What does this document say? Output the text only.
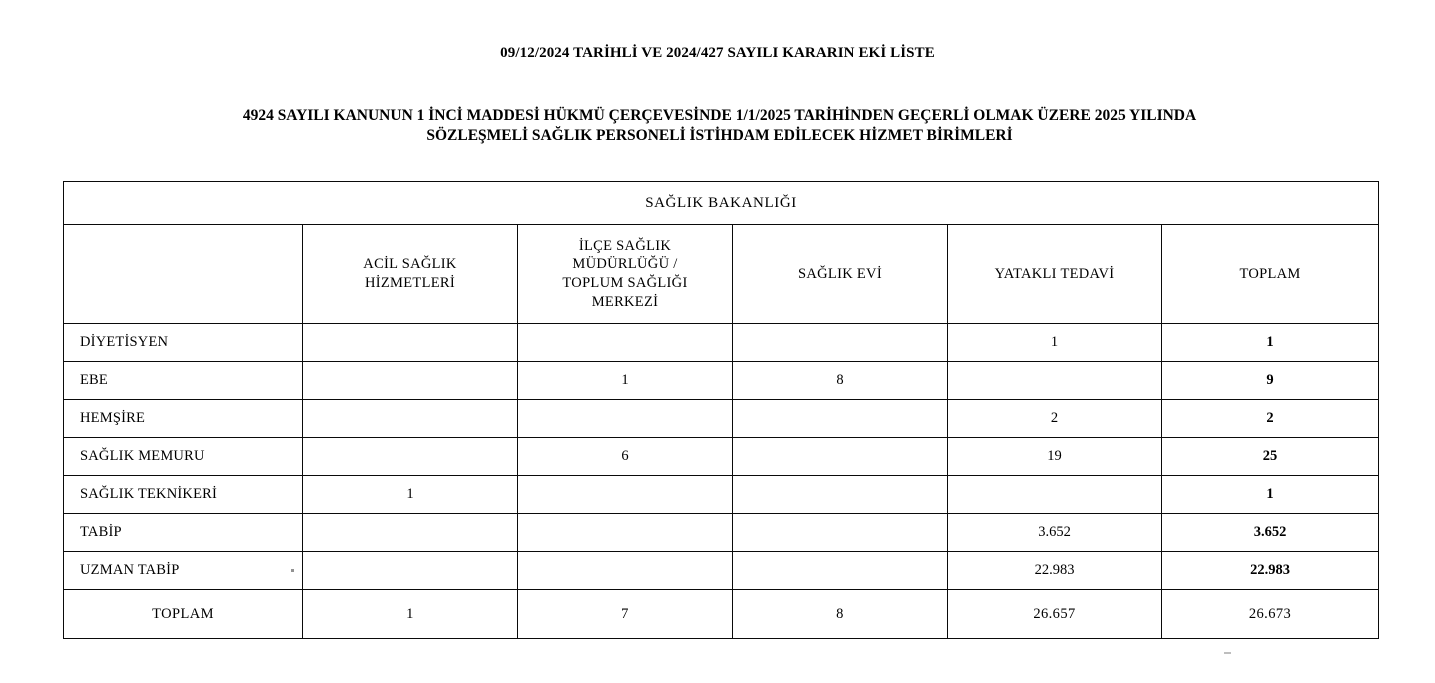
09/12/2024 TARİHLİ VE 2024/427 SAYILI KARARIN EKİ LİSTE
4924 SAYILI KANUNUN 1 İNCİ MADDESİ HÜKMÜ ÇERÇEVESİNDE 1/1/2025 TARİHİNDEN GEÇERLİ OLMAK ÜZERE 2025 YILINDA
SÖZLEŞMELİ SAĞLIK PERSONELİ İSTİHDAM EDİLECEK HİZMET BİRİMLERİ
SAĞLIK BAKANLIĞI					
	ACİL SAĞLIK
HİZMETLERİ	İLÇE SAĞLIK
MÜDÜRLÜĞÜ /
TOPLUM SAĞLIĞI
MERKEZİ	SAĞLIK EVİ	YATAKLI TEDAVİ	TOPLAM
DİYETİSYEN				1	1
EBE		1	8		9
HEMŞİRE				2	2
SAĞLIK MEMURU		6		19	25
SAĞLIK TEKNİKERİ	1				1
TABİP				3.652	3.652
UZMAN TABİP				22.983	22.983
TOPLAM	1	7	8	26.657	26.673
